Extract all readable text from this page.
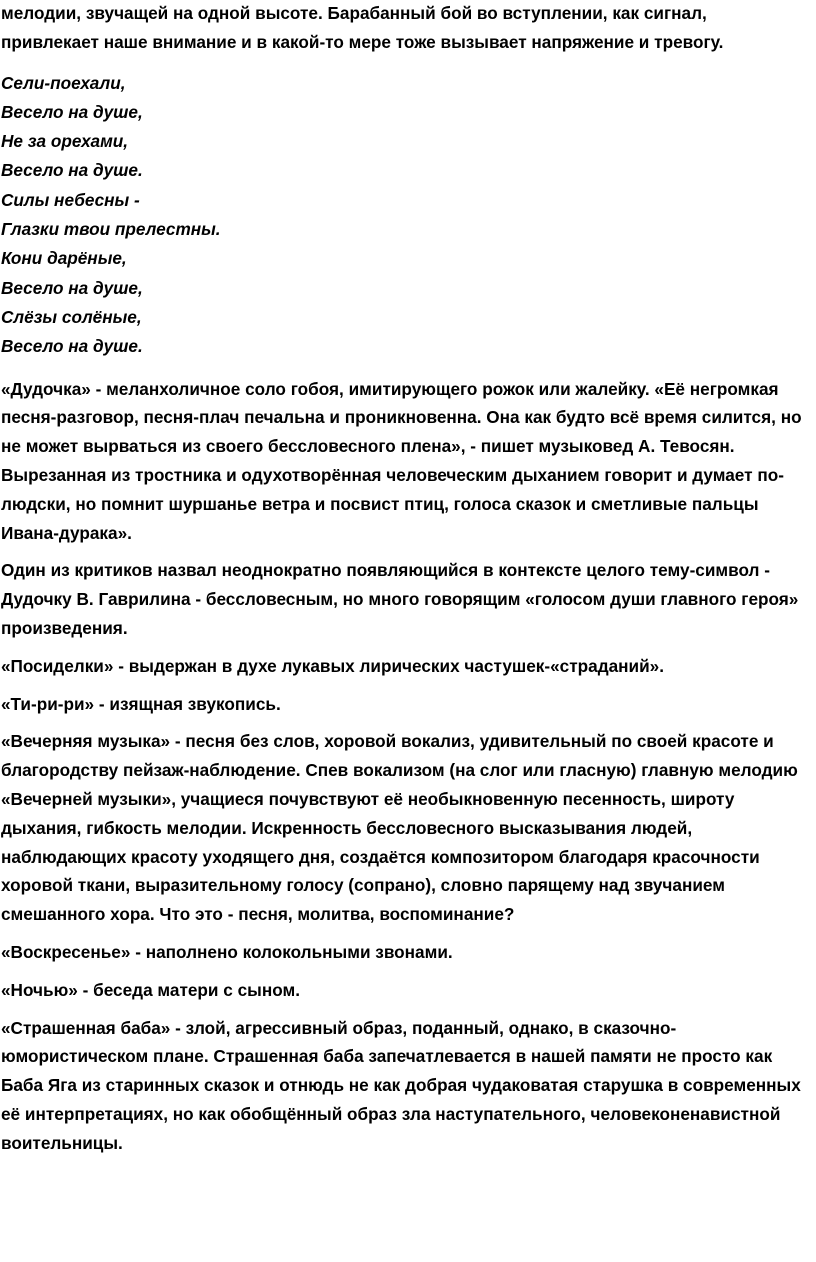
мелодии, звучащей на одной высоте. Барабанный бой во вступлении, как сигнал, привлекает наше внимание и в какой-то мере тоже вызывает напряжение и тревогу.

Сели-поехали,
Весело на душе,
Не за орехами,
Весело на душе.
Силы небесны -
Глазки твои прелестны.
Кони дарёные,
Весело на душе,
Слёзы солёные,
Весело на душе.

«Дудочка» - меланхоличное соло гобоя, имитирующего рожок или жалейку. «Её негромкая песня-разговор, песня-плач печальна и проникновенна. Она как будто всё время силится, но не может вырваться из своего бессловесного плена», - пишет музыковед А. Тевосян. Вырезанная из тростника и одухотворённая человеческим дыханием говорит и думает по-людски, но помнит шуршанье ветра и посвист птиц, голоса сказок и сметливые пальцы Ивана-дурака».

Один из критиков назвал неоднократно появляющийся в контексте целого тему-символ - Дудочку В. Гаврилина - бессловесным, но много говорящим «голосом души главного героя» произведения.

«Посиделки» - выдержан в духе лукавых лирических частушек-«страданий».

«Ти-ри-ри» - изящная звукопись.

«Вечерняя музыка» - песня без слов, хоровой вокализ, удивительный по своей красоте и благородству пейзаж-наблюдение. Спев вокализом (на слог или гласную) главную мелодию «Вечерней музыки», учащиеся почувствуют её необыкновенную песенность, широту дыхания, гибкость мелодии. Искренность бессловесного высказывания людей, наблюдающих красоту уходящего дня, создаётся композитором благодаря красочности хоровой ткани, выразительному голосу (сопрано), словно парящему над звучанием смешанного хора. Что это - песня, молитва, воспоминание?

«Воскресенье» - наполнено колокольными звонами.

«Ночью» - беседа матери с сыном.

«Страшенная баба» - злой, агрессивный образ, поданный, однако, в сказочно-юмористическом плане. Страшенная баба запечатлевается в нашей памяти не просто как Баба Яга из старинных сказок и отнюдь не как добрая чудаковатая старушка в современных её интерпретациях, но как обобщённый образ зла наступательного, человеконенавистной воительницы.
